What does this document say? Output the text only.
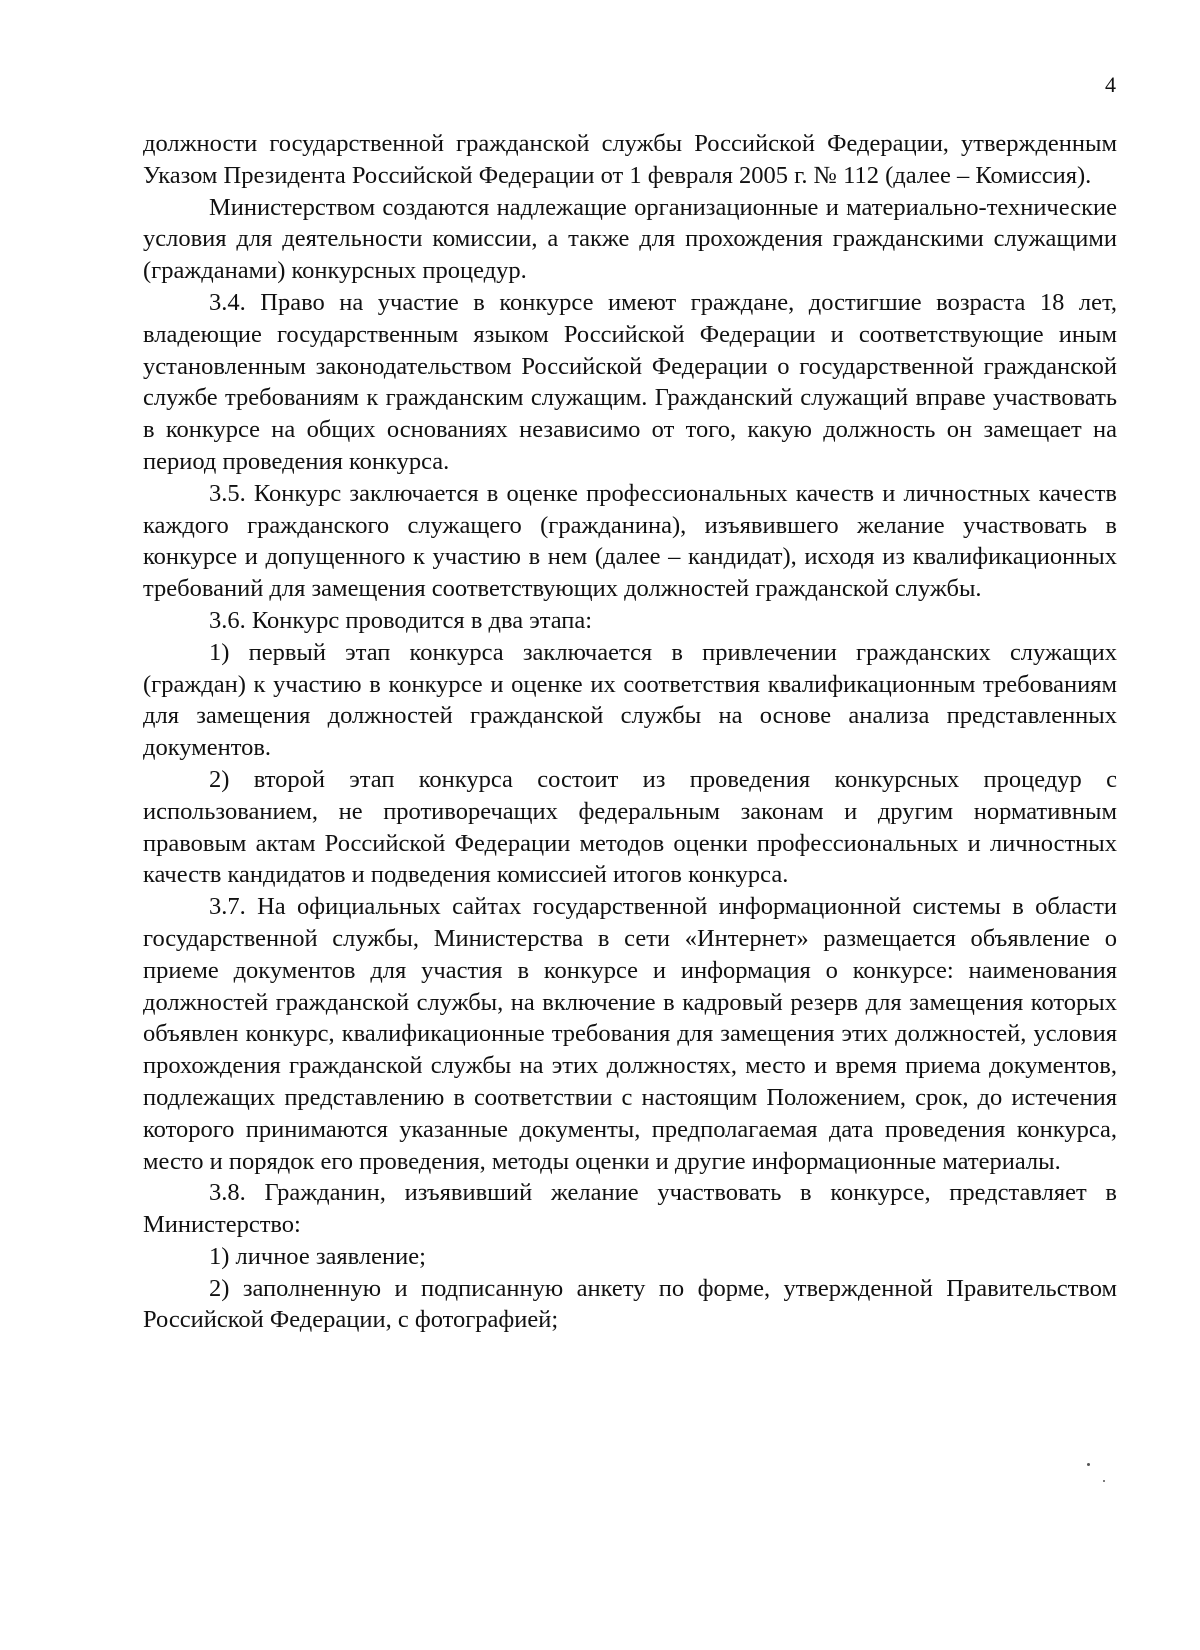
4

должности государственной гражданской службы Российской Федерации, утвержденным Указом Президента Российской Федерации от 1 февраля 2005 г. № 112 (далее – Комиссия).

Министерством создаются надлежащие организационные и материально-технические условия для деятельности комиссии, а также для прохождения гражданскими служащими (гражданами) конкурсных процедур.

3.4. Право на участие в конкурсе имеют граждане, достигшие возраста 18 лет, владеющие государственным языком Российской Федерации и соответствующие иным установленным законодательством Российской Федерации о государственной гражданской службе требованиям к гражданским служащим. Гражданский служащий вправе участвовать в конкурсе на общих основаниях независимо от того, какую должность он замещает на период проведения конкурса.

3.5. Конкурс заключается в оценке профессиональных качеств и личностных качеств каждого гражданского служащего (гражданина), изъявившего желание участвовать в конкурсе и допущенного к участию в нем (далее – кандидат), исходя из квалификационных требований для замещения соответствующих должностей гражданской службы.

3.6. Конкурс проводится в два этапа:

1) первый этап конкурса заключается в привлечении гражданских служащих (граждан) к участию в конкурсе и оценке их соответствия квалификационным требованиям для замещения должностей гражданской службы на основе анализа представленных документов.

2) второй этап конкурса состоит из проведения конкурсных процедур с использованием, не противоречащих федеральным законам и другим нормативным правовым актам Российской Федерации методов оценки профессиональных и личностных качеств кандидатов и подведения комиссией итогов конкурса.

3.7. На официальных сайтах государственной информационной системы в области государственной службы, Министерства в сети «Интернет» размещается объявление о приеме документов для участия в конкурсе и информация о конкурсе: наименования должностей гражданской службы, на включение в кадровый резерв для замещения которых объявлен конкурс, квалификационные требования для замещения этих должностей, условия прохождения гражданской службы на этих должностях, место и время приема документов, подлежащих представлению в соответствии с настоящим Положением, срок, до истечения которого принимаются указанные документы, предполагаемая дата проведения конкурса, место и порядок его проведения, методы оценки и другие информационные материалы.

3.8. Гражданин, изъявивший желание участвовать в конкурсе, представляет в Министерство:

1) личное заявление;

2) заполненную и подписанную анкету по форме, утвержденной Правительством Российской Федерации, с фотографией;
